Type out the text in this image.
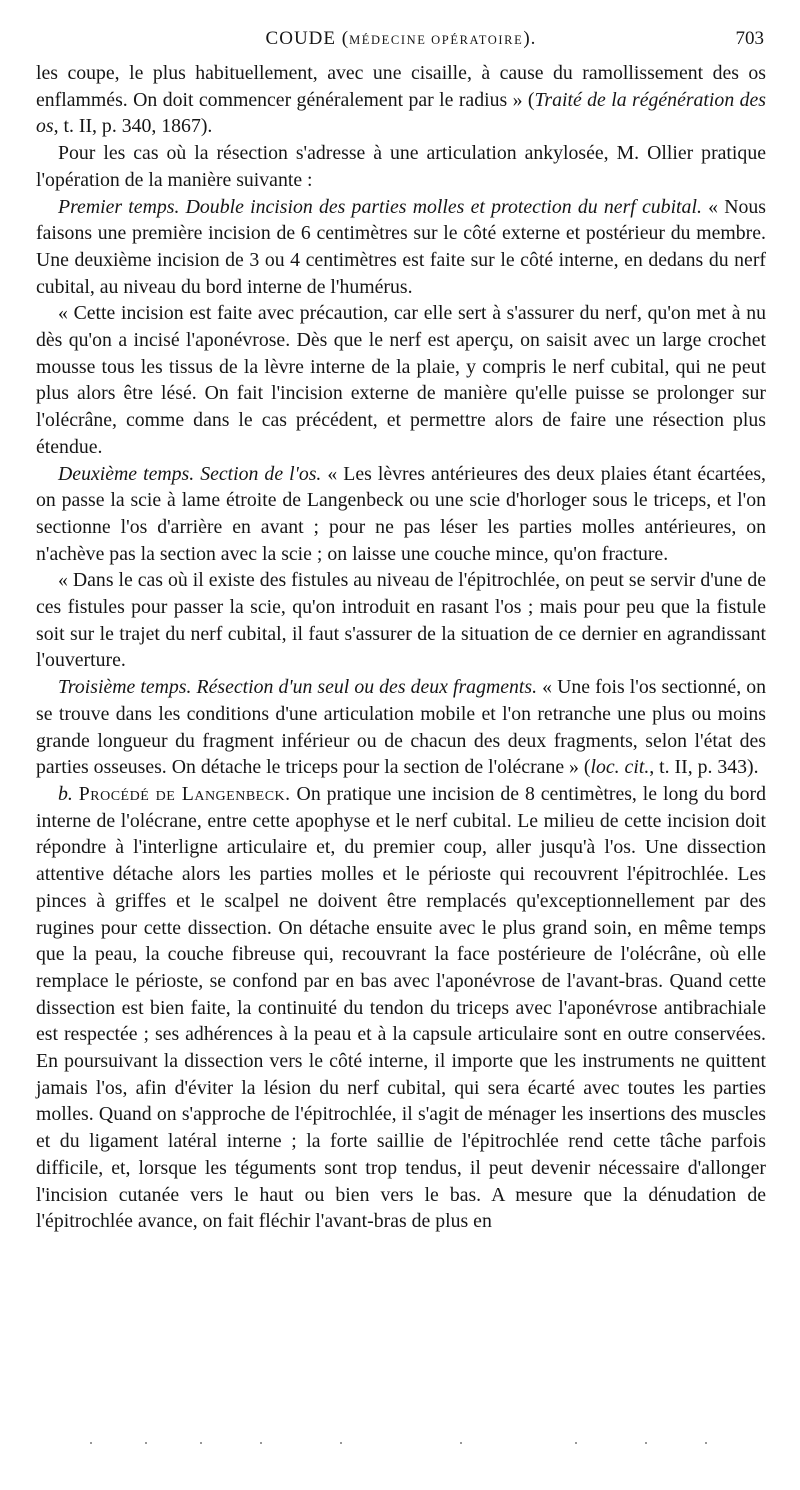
COUDE (MÉDECINE OPÉRATOIRE).	703

les coupe, le plus habituellement, avec une cisaille, à cause du ramollissement des os enflammés. On doit commencer généralement par le radius » (Traité de la régénération des os, t. II, p. 340, 1867).

Pour les cas où la résection s'adresse à une articulation ankylosée, M. Ollier pratique l'opération de la manière suivante :

Premier temps. Double incision des parties molles et protection du nerf cubital. « Nous faisons une première incision de 6 centimètres sur le côté externe et postérieur du membre. Une deuxième incision de 3 ou 4 centimètres est faite sur le côté interne, en dedans du nerf cubital, au niveau du bord interne de l'humérus.

« Cette incision est faite avec précaution, car elle sert à s'assurer du nerf, qu'on met à nu dès qu'on a incisé l'aponévrose. Dès que le nerf est aperçu, on saisit avec un large crochet mousse tous les tissus de la lèvre interne de la plaie, y compris le nerf cubital, qui ne peut plus alors être lésé. On fait l'incision externe de manière qu'elle puisse se prolonger sur l'olécrâne, comme dans le cas précédent, et permettre alors de faire une résection plus étendue.

Deuxième temps. Section de l'os. « Les lèvres antérieures des deux plaies étant écartées, on passe la scie à lame étroite de Langenbeck ou une scie d'horloger sous le triceps, et l'on sectionne l'os d'arrière en avant ; pour ne pas léser les parties molles antérieures, on n'achève pas la section avec la scie ; on laisse une couche mince, qu'on fracture.

« Dans le cas où il existe des fistules au niveau de l'épitrochlée, on peut se servir d'une de ces fistules pour passer la scie, qu'on introduit en rasant l'os ; mais pour peu que la fistule soit sur le trajet du nerf cubital, il faut s'assurer de la situation de ce dernier en agrandissant l'ouverture.

Troisième temps. Résection d'un seul ou des deux fragments. « Une fois l'os sectionné, on se trouve dans les conditions d'une articulation mobile et l'on retranche une plus ou moins grande longueur du fragment inférieur ou de chacun des deux fragments, selon l'état des parties osseuses. On détache le triceps pour la section de l'olécrane » (loc. cit., t. II, p. 343).

b. Procédé de Langenbeck. On pratique une incision de 8 centimètres, le long du bord interne de l'olécrane, entre cette apophyse et le nerf cubital. Le milieu de cette incision doit répondre à l'interligne articulaire et, du premier coup, aller jusqu'à l'os. Une dissection attentive détache alors les parties molles et le périoste qui recouvrent l'épitrochlée. Les pinces à griffes et le scalpel ne doivent être remplacés qu'exceptionnellement par des rugines pour cette dissection. On détache ensuite avec le plus grand soin, en même temps que la peau, la couche fibreuse qui, recouvrant la face postérieure de l'olécrâne, où elle remplace le périoste, se confond par en bas avec l'aponévrose de l'avant-bras. Quand cette dissection est bien faite, la continuité du tendon du triceps avec l'aponévrose antibrachiale est respectée ; ses adhérences à la peau et à la capsule articulaire sont en outre conservées. En poursuivant la dissection vers le côté interne, il importe que les instruments ne quittent jamais l'os, afin d'éviter la lésion du nerf cubital, qui sera écarté avec toutes les parties molles. Quand on s'approche de l'épitrochlée, il s'agit de ménager les insertions des muscles et du ligament latéral interne ; la forte saillie de l'épitrochlée rend cette tâche parfois difficile, et, lorsque les téguments sont trop tendus, il peut devenir nécessaire d'allonger l'incision cutanée vers le haut ou bien vers le bas. A mesure que la dénudation de l'épitrochlée avance, on fait fléchir l'avant-bras de plus en
